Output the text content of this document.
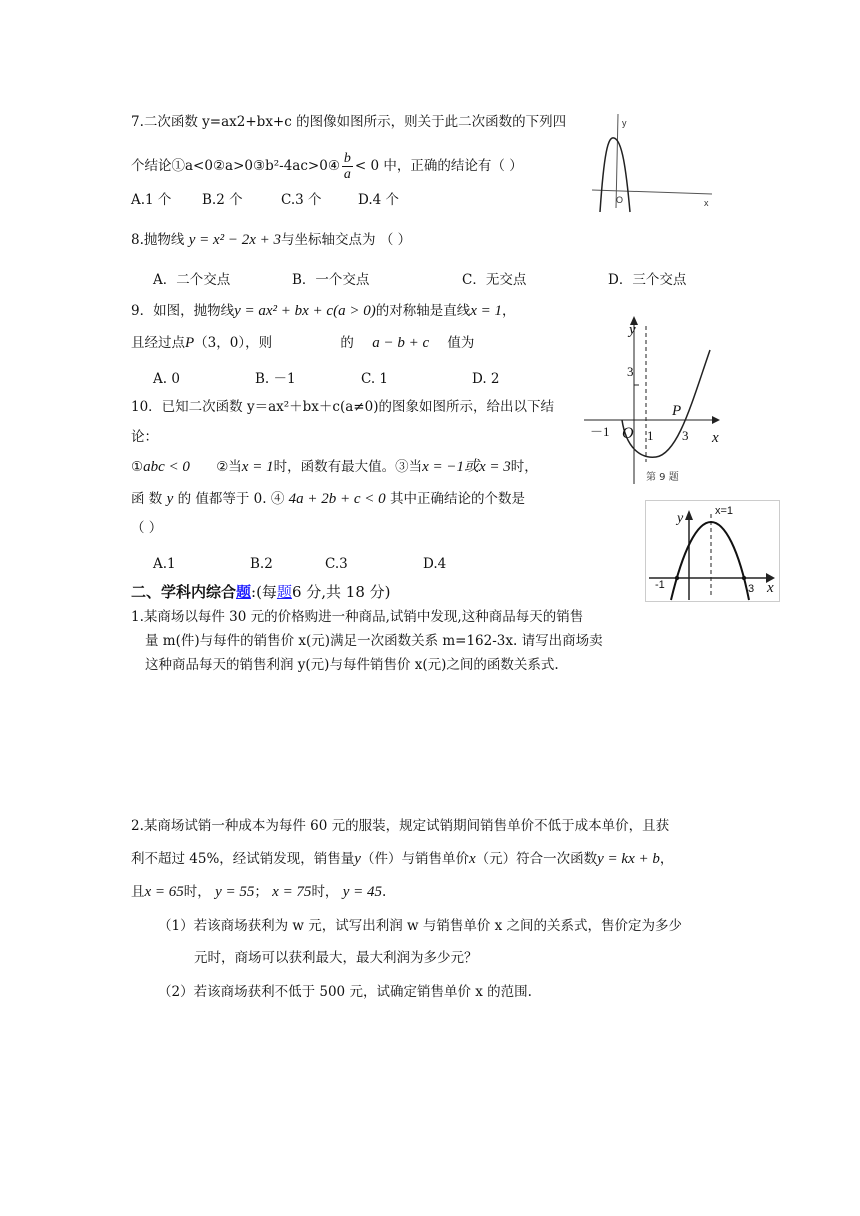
7.二次函数 y=ax2+bx+c 的图像如图所示，则关于此二次函数的下列四
个结论①a<0②a>0③b²-4ac>0④ $\frac{b}{a} < 0$ 中，正确的结论有（ ）
A.1 个 B.2 个	C.3 个	D.4 个
y
O	x
8.抛物线 y = x² − 2x + 3与坐标轴交点为 （ ）
A．二个交点	B．一个交点	C．无交点	D．三个交点
9．如图，抛物线y = ax² + bx + c(a > 0)的对称轴是直线x = 1，
且经过点P（3，0），则	的 a − b + c 值为
A. 0	B. －1	C. 1	D. 2
y
3
P
－1 O 1 3 x
第 9 题
10．已知二次函数 y＝ax²＋bx＋c(a≠0)的图象如图所示，给出以下结
论：
①abc < 0 ②当x = 1时，函数有最大值。③当x = −1或x = 3时，
函 数 y 的 值都等于 0. ④ 4a + 2b + c < 0 其中正确结论的个数是
（ ）
A.1	B.2	C.3	D.4
y	x=1
-1	3 x
二、学科内综合题:(每题6 分,共 18 分)
1.某商场以每件 30 元的价格购进一种商品,试销中发现,这种商品每天的销售
量 m(件)与每件的销售价 x(元)满足一次函数关系 m=162-3x. 请写出商场卖
这种商品每天的销售利润 y(元)与每件销售价 x(元)之间的函数关系式.
2.某商场试销一种成本为每件 60 元的服装，规定试销期间销售单价不低于成本单价，且获
利不超过 45%，经试销发现，销售量y（件）与销售单价x（元）符合一次函数y = kx + b，
且x = 65时， y = 55； x = 75时， y = 45.
（1）若该商场获利为 w 元，试写出利润 w 与销售单价 x 之间的关系式，售价定为多少
元时，商场可以获利最大，最大利润为多少元？
（2）若该商场获利不低于 500 元，试确定销售单价 x 的范围.
